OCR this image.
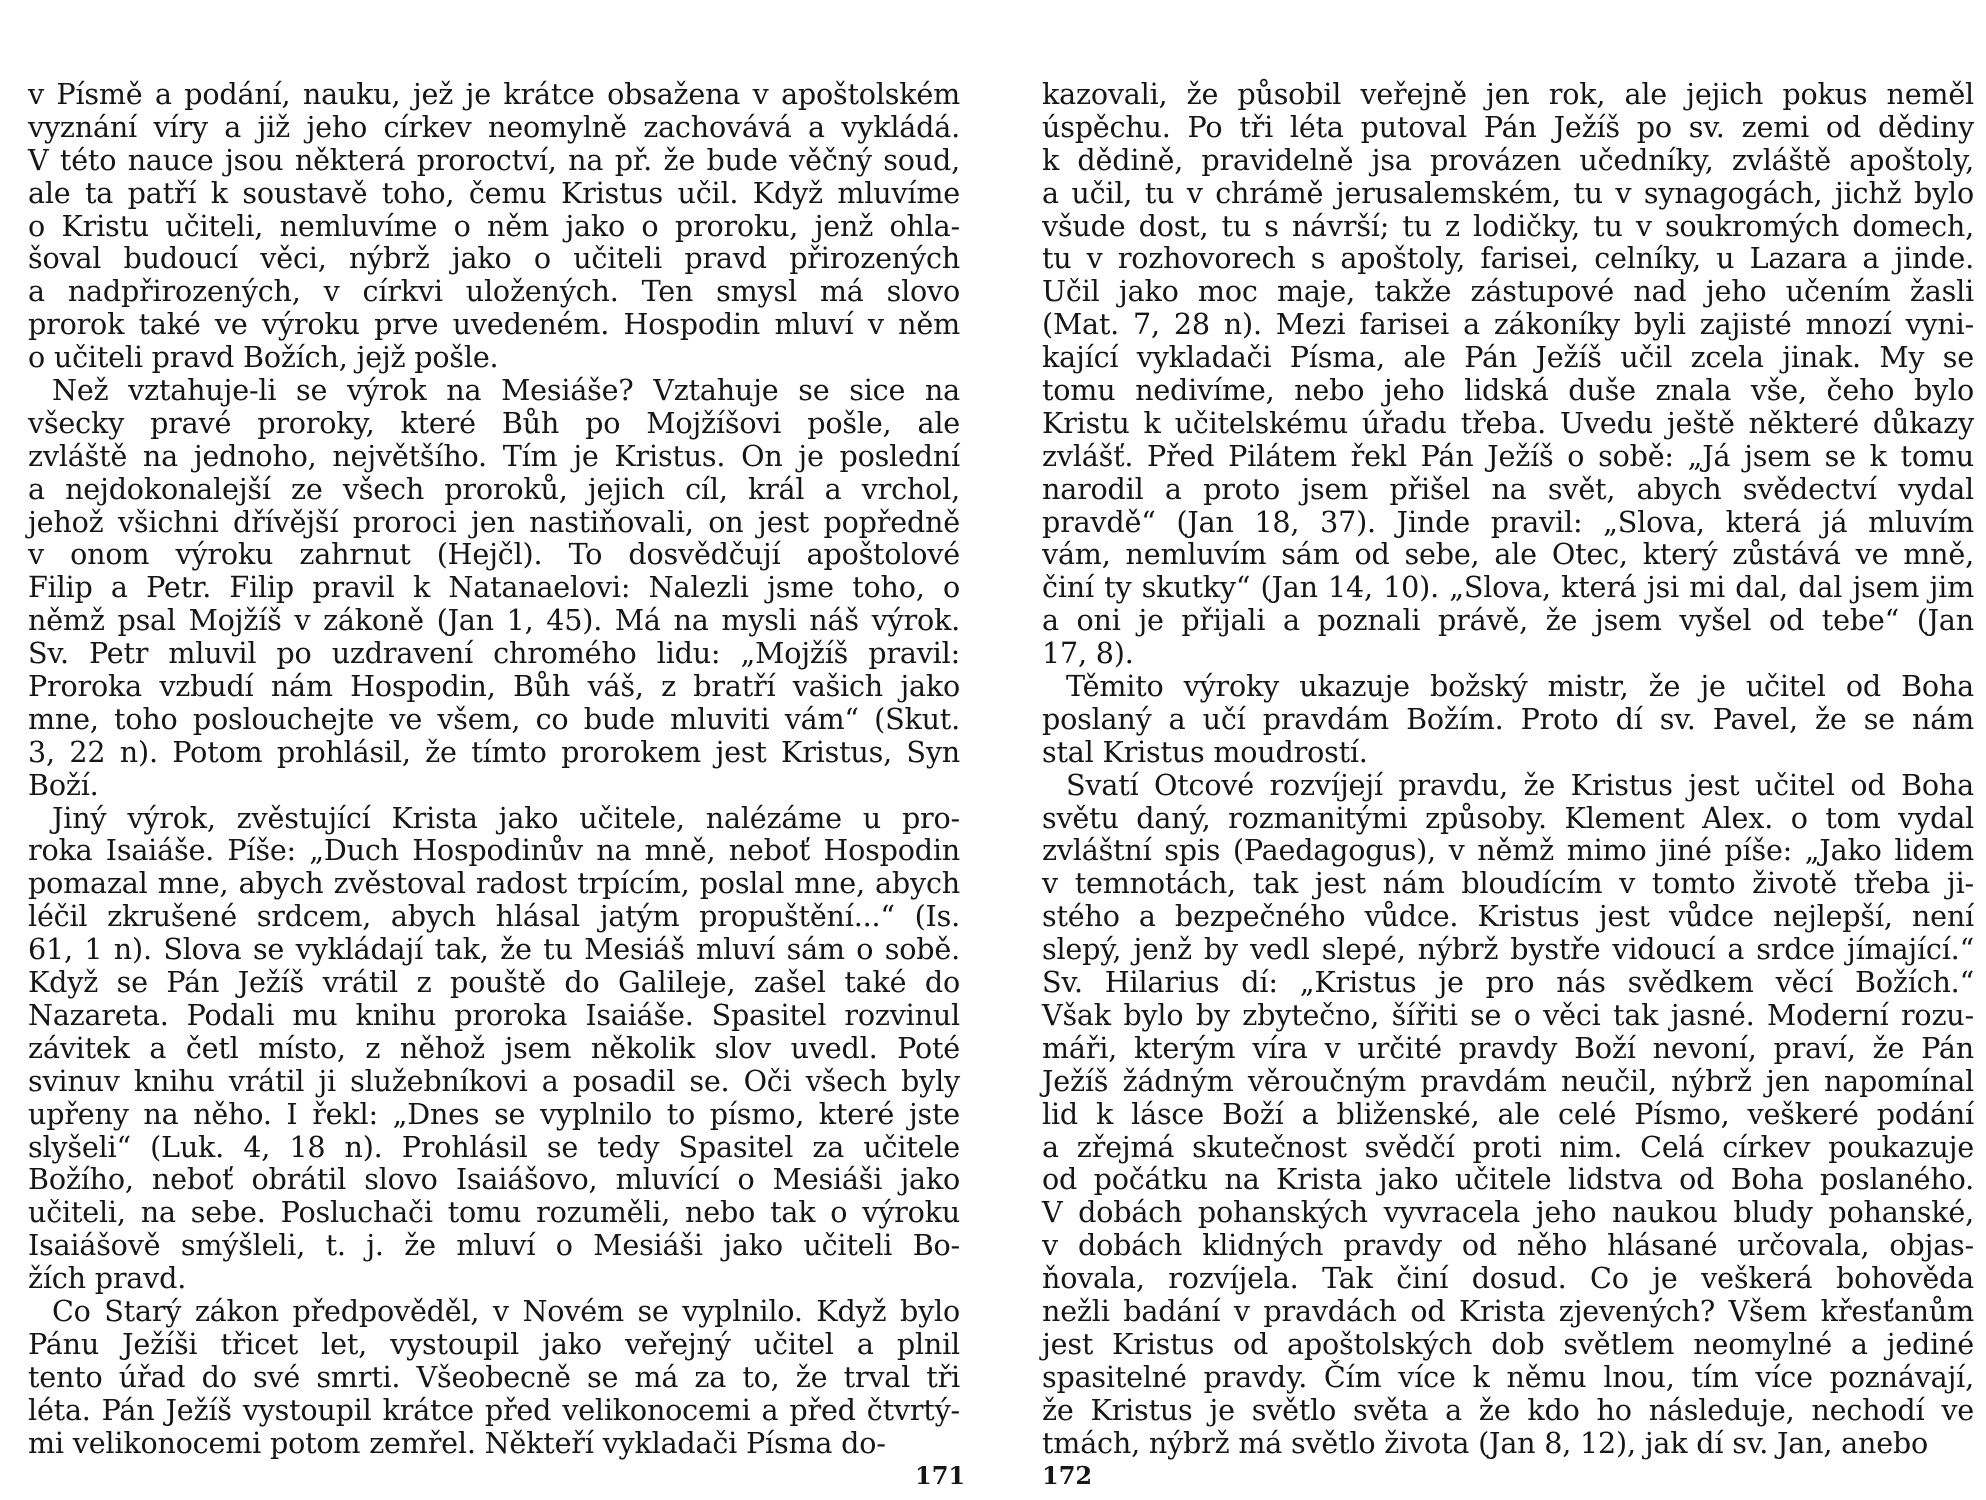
v Písmě a podání, nauku, jež je krátce obsažena v apoštolském
vyznání víry a již jeho církev neomylně zachovává a vykládá.
V této nauce jsou některá proroctví, na př. že bude věčný soud,
ale ta patří k soustavě toho, čemu Kristus učil. Když mluvíme
o Kristu učiteli, nemluvíme o něm jako o proroku, jenž ohla-
šoval budoucí věci, nýbrž jako o učiteli pravd přirozených
a nadpřirozených, v církvi uložených. Ten smysl má slovo
prorok také ve výroku prve uvedeném. Hospodin mluví v něm
o učiteli pravd Božích, jejž pošle.
Než vztahuje-li se výrok na Mesiáše? Vztahuje se sice na
všecky pravé proroky, které Bůh po Mojžíšovi pošle, ale
zvláště na jednoho, největšího. Tím je Kristus. On je poslední
a nejdokonalejší ze všech proroků, jejich cíl, král a vrchol,
jehož všichni dřívější proroci jen nastiňovali, on jest popředně
v onom výroku zahrnut (Hejčl). To dosvědčují apoštolové
Filip a Petr. Filip pravil k Natanaelovi: Nalezli jsme toho, o
němž psal Mojžíš v zákoně (Jan 1, 45). Má na mysli náš výrok.
Sv. Petr mluvil po uzdravení chromého lidu: „Mojžíš pravil:
Proroka vzbudí nám Hospodin, Bůh váš, z bratří vašich jako
mne, toho poslouchejte ve všem, co bude mluviti vám“ (Skut.
3, 22 n). Potom prohlásil, že tímto prorokem jest Kristus, Syn
Boží.
Jiný výrok, zvěstující Krista jako učitele, nalézáme u pro-
roka Isaiáše. Píše: „Duch Hospodinův na mně, neboť Hospodin
pomazal mne, abych zvěstoval radost trpícím, poslal mne, abych
léčil zkrušené srdcem, abych hlásal jatým propuštění...“ (Is.
61, 1 n). Slova se vykládají tak, že tu Mesiáš mluví sám o sobě.
Když se Pán Ježíš vrátil z pouště do Galileje, zašel také do
Nazareta. Podali mu knihu proroka Isaiáše. Spasitel rozvinul
závitek a četl místo, z něhož jsem několik slov uvedl. Poté
svinuv knihu vrátil ji služebníkovi a posadil se. Oči všech byly
upřeny na něho. I řekl: „Dnes se vyplnilo to písmo, které jste
slyšeli“ (Luk. 4, 18 n). Prohlásil se tedy Spasitel za učitele
Božího, neboť obrátil slovo Isaiášovo, mluvící o Mesiáši jako
učiteli, na sebe. Posluchači tomu rozuměli, nebo tak o výroku
Isaiášově smýšleli, t. j. že mluví o Mesiáši jako učiteli Bo-
žích pravd.
Co Starý zákon předpověděl, v Novém se vyplnilo. Když bylo
Pánu Ježíši třicet let, vystoupil jako veřejný učitel a plnil
tento úřad do své smrti. Všeobecně se má za to, že trval tři
léta. Pán Ježíš vystoupil krátce před velikonocemi a před čtvrtý-
mi velikonocemi potom zemřel. Někteří vykladači Písma do-
171
kazovali, že působil veřejně jen rok, ale jejich pokus neměl
úspěchu. Po tři léta putoval Pán Ježíš po sv. zemi od dědiny
k dědině, pravidelně jsa provázen učedníky, zvláště apoštoly,
a učil, tu v chrámě jerusalemském, tu v synagogách, jichž bylo
všude dost, tu s návrší; tu z lodičky, tu v soukromých domech,
tu v rozhovorech s apoštoly, farisei, celníky, u Lazara a jinde.
Učil jako moc maje, takže zástupové nad jeho učením žasli
(Mat. 7, 28 n). Mezi farisei a zákoníky byli zajisté mnozí vyni-
kající vykladači Písma, ale Pán Ježíš učil zcela jinak. My se
tomu nedivíme, nebo jeho lidská duše znala vše, čeho bylo
Kristu k učitelskému úřadu třeba. Uvedu ještě některé důkazy
zvlášť. Před Pilátem řekl Pán Ježíš o sobě: „Já jsem se k tomu
narodil a proto jsem přišel na svět, abych svědectví vydal
pravdě“ (Jan 18, 37). Jinde pravil: „Slova, která já mluvím
vám, nemluvím sám od sebe, ale Otec, který zůstává ve mně,
činí ty skutky“ (Jan 14, 10). „Slova, která jsi mi dal, dal jsem jim
a oni je přijali a poznali právě, že jsem vyšel od tebe“ (Jan
17, 8).
Těmito výroky ukazuje božský mistr, že je učitel od Boha
poslaný a učí pravdám Božím. Proto dí sv. Pavel, že se nám
stal Kristus moudrostí.
Svatí Otcové rozvíjejí pravdu, že Kristus jest učitel od Boha
světu daný, rozmanitými způsoby. Klement Alex. o tom vydal
zvláštní spis (Paedagogus), v němž mimo jiné píše: „Jako lidem
v temnotách, tak jest nám bloudícím v tomto životě třeba ji-
stého a bezpečného vůdce. Kristus jest vůdce nejlepší, není
slepý, jenž by vedl slepé, nýbrž bystře vidoucí a srdce jímající.“
Sv. Hilarius dí: „Kristus je pro nás svědkem věcí Božích.“
Však bylo by zbytečno, šířiti se o věci tak jasné. Moderní rozu-
máři, kterým víra v určité pravdy Boží nevoní, praví, že Pán
Ježíš žádným věroučným pravdám neučil, nýbrž jen napomínal
lid k lásce Boží a bliženské, ale celé Písmo, veškeré podání
a zřejmá skutečnost svědčí proti nim. Celá církev poukazuje
od počátku na Krista jako učitele lidstva od Boha poslaného.
V dobách pohanských vyvracela jeho naukou bludy pohanské,
v dobách klidných pravdy od něho hlásané určovala, objas-
ňovala, rozvíjela. Tak činí dosud. Co je veškerá bohověda
nežli badání v pravdách od Krista zjevených? Všem křesťanům
jest Kristus od apoštolských dob světlem neomylné a jediné
spasitelné pravdy. Čím více k němu lnou, tím více poznávají,
že Kristus je světlo světa a že kdo ho následuje, nechodí ve
tmách, nýbrž má světlo života (Jan 8, 12), jak dí sv. Jan, anebo
172
